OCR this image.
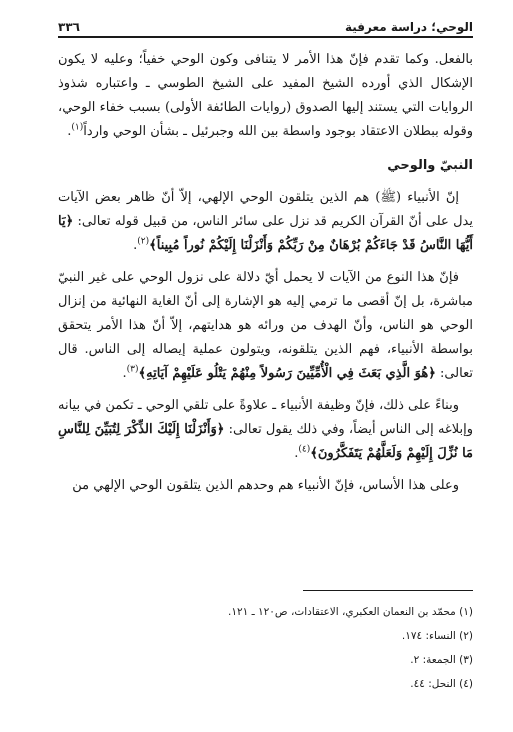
الوحي؛ دراسة معرفية
٣٣٦

بالفعل. وكما تقدم فإنّ هذا الأمر لا يتنافى وكون الوحي خفياً؛ وعليه لا يكون الإشكال الذي أورده الشيخ المفيد على الشيخ الطوسي ـ واعتباره شذوذ الروايات التي يستند إليها الصدوق (روايات الطائفة الأولى) بسبب خفاء الوحي، وقوله ببطلان الاعتقاد بوجود واسطة بين الله وجبرئيل ـ بشأن الوحي وارداً$^{(١)}$.

النبيّ والوحي

إنّ الأنبياء (ﷺ) هم الذين يتلقون الوحي الإلهي، إلاّ أنّ ظاهر بعض الآيات يدل على أنّ القرآن الكريم قد نزل على سائر الناس، من قبيل قوله تعالى: ﴿يَا أَيُّهَا النَّاسُ قَدْ جَاءَكُمْ بُرْهَانٌ مِنْ رَبِّكُمْ وَأَنْزَلْنَا إِلَيْكُمْ نُوراً مُبِيناً﴾$^{(٢)}$.

فإنّ هذا النوع من الآيات لا يحمل أيّ دلالة على نزول الوحي على غير النبيّ مباشرة، بل إنّ أقصى ما ترمي إليه هو الإشارة إلى أنّ الغاية النهائية من إنزال الوحي هو الناس، وأنّ الهدف من ورائه هو هدايتهم، إلاّ أنّ هذا الأمر يتحقق بواسطة الأنبياء، فهم الذين يتلقونه، ويتولون عملية إيصاله إلى الناس. قال تعالى: ﴿هُوَ الَّذِي بَعَثَ فِي الْأُمِّيِّينَ رَسُولاً مِنْهُمْ يَتْلُو عَلَيْهِمْ آيَاتِهِ﴾$^{(٣)}$.

وبناءً على ذلك، فإنّ وظيفة الأنبياء ـ علاوةً على تلقي الوحي ـ تكمن في بيانه وإبلاغه إلى الناس أيضاً، وفي ذلك يقول تعالى: ﴿وَأَنْزَلْنَا إِلَيْكَ الذِّكْرَ لِتُبَيِّنَ لِلنَّاسِ مَا نُزِّلَ إِلَيْهِمْ وَلَعَلَّهُمْ يَتَفَكَّرُونَ﴾$^{(٤)}$.

وعلى هذا الأساس، فإنّ الأنبياء هم وحدهم الذين يتلقون الوحي الإلهي من

(١) محمّد بن النعمان العكبري، الاعتقادات، ص١٢٠ ـ ١٢١.
(٢) النساء: ١٧٤.
(٣) الجمعة: ٢.
(٤) النحل: ٤٤.
